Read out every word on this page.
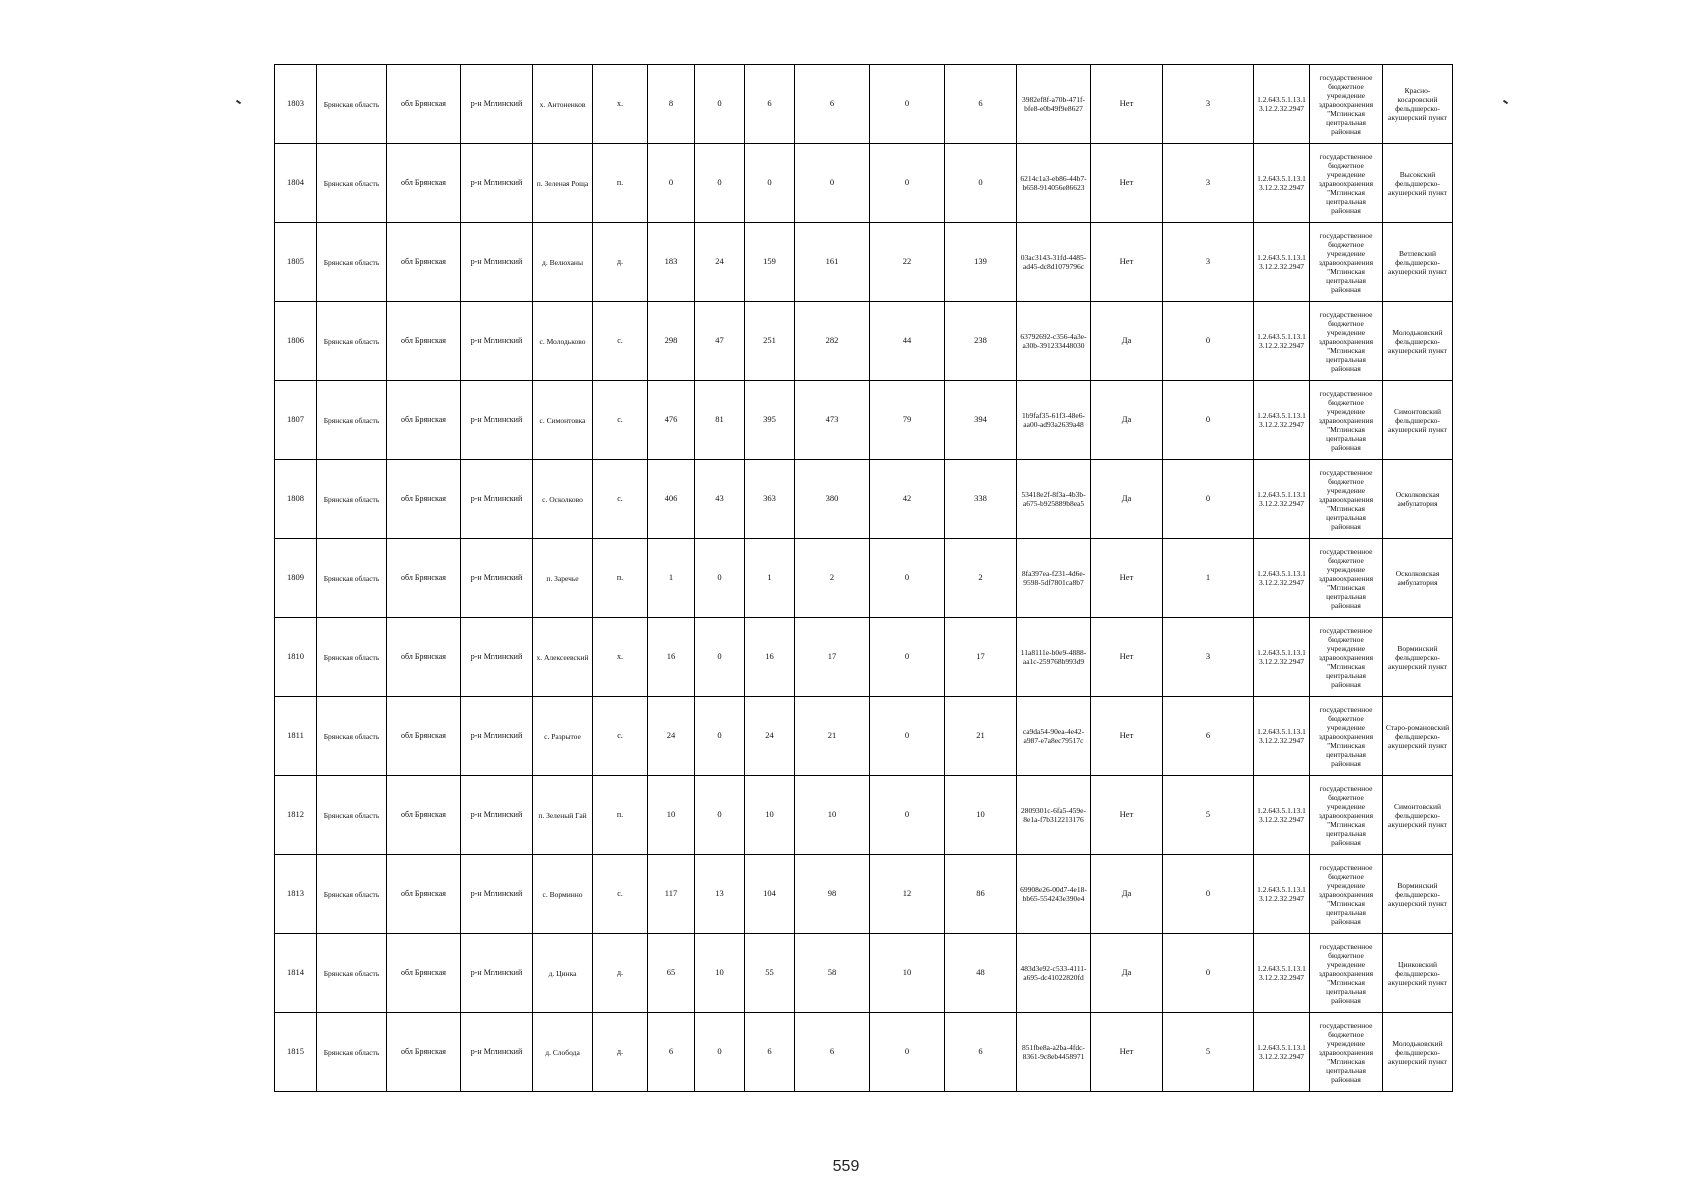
1803	Брянская область	обл Брянская	р-н Мглинский	х. Антоненков	х.	8	0	6	6	0	6	3982ef8f-a70b-471f-bfe8-e0b49f9e8627	Нет	3	1.2.643.5.1.13.13.12.2.32.2947	государственное бюджетное учреждение здравоохранения "Мглинская центральная районная	Красно-косаровский фельдшерско-акушерский пункт
1804	Брянская область	обл Брянская	р-н Мглинский	п. Зеленая Роща	п.	0	0	0	0	0	0	6214c1a3-eb86-44b7-b658-914056e86623	Нет	3	1.2.643.5.1.13.13.12.2.32.2947	государственное бюджетное учреждение здравоохранения "Мглинская центральная районная	Высокский фельдшерско-акушерский пункт
1805	Брянская область	обл Брянская	р-н Мглинский	д. Велюханы	д.	183	24	159	161	22	139	03ac3143-31fd-4485-ad45-dc8d1079796c	Нет	3	1.2.643.5.1.13.13.12.2.32.2947	государственное бюджетное учреждение здравоохранения "Мглинская центральная районная	Ветлевский фельдшерско-акушерский пункт
1806	Брянская область	обл Брянская	р-н Мглинский	с. Молодьково	с.	298	47	251	282	44	238	63792692-c356-4a3e-a30b-391233448030	Да	0	1.2.643.5.1.13.13.12.2.32.2947	государственное бюджетное учреждение здравоохранения "Мглинская центральная районная	Молодьковский фельдшерско-акушерский пункт
1807	Брянская область	обл Брянская	р-н Мглинский	с. Симонтовка	с.	476	81	395	473	79	394	1b9faf35-61f3-48e6-aa00-ad93a2639a48	Да	0	1.2.643.5.1.13.13.12.2.32.2947	государственное бюджетное учреждение здравоохранения "Мглинская центральная районная	Симонтовский фельдшерско-акушерский пункт
1808	Брянская область	обл Брянская	р-н Мглинский	с. Осколково	с.	406	43	363	380	42	338	53418e2f-8f3a-4b3b-a675-b925889b8ea5	Да	0	1.2.643.5.1.13.13.12.2.32.2947	государственное бюджетное учреждение здравоохранения "Мглинская центральная районная	Осколковская амбулатория
1809	Брянская область	обл Брянская	р-н Мглинский	п. Заречье	п.	1	0	1	2	0	2	8fa397ea-f231-4d6e-9598-5df7801ca8b7	Нет	1	1.2.643.5.1.13.13.12.2.32.2947	государственное бюджетное учреждение здравоохранения "Мглинская центральная районная	Осколковская амбулатория
1810	Брянская область	обл Брянская	р-н Мглинский	х. Алексеевский	х.	16	0	16	17	0	17	11a8111e-b0e9-4888-aa1c-259768b993d9	Нет	3	1.2.643.5.1.13.13.12.2.32.2947	государственное бюджетное учреждение здравоохранения "Мглинская центральная районная	Ворминский фельдшерско-акушерский пункт
1811	Брянская область	обл Брянская	р-н Мглинский	с. Разрытое	с.	24	0	24	21	0	21	ca9da54-90ea-4e42-a987-e7a8ec79517c	Нет	6	1.2.643.5.1.13.13.12.2.32.2947	государственное бюджетное учреждение здравоохранения "Мглинская центральная районная	Старо-романовский фельдшерско-акушерский пункт
1812	Брянская область	обл Брянская	р-н Мглинский	п. Зеленый Гай	п.	10	0	10	10	0	10	2809301c-6fa5-459e-8e1a-f7b312213176	Нет	5	1.2.643.5.1.13.13.12.2.32.2947	государственное бюджетное учреждение здравоохранения "Мглинская центральная районная	Симонтовский фельдшерско-акушерский пункт
1813	Брянская область	обл Брянская	р-н Мглинский	с. Ворминно	с.	117	13	104	98	12	86	69908e26-00d7-4e18-bb65-554243e390e4	Да	0	1.2.643.5.1.13.13.12.2.32.2947	государственное бюджетное учреждение здравоохранения "Мглинская центральная районная	Ворминский фельдшерско-акушерский пункт
1814	Брянская область	обл Брянская	р-н Мглинский	д. Цинка	д.	65	10	55	58	10	48	483d3e92-c533-4111-a695-dc41022820fd	Да	0	1.2.643.5.1.13.13.12.2.32.2947	государственное бюджетное учреждение здравоохранения "Мглинская центральная районная	Цинковский фельдшерско-акушерский пункт
1815	Брянская область	обл Брянская	р-н Мглинский	д. Слобода	д.	6	0	6	6	0	6	851fbe8a-a2ba-4fdc-8361-9c8eb4458971	Нет	5	1.2.643.5.1.13.13.12.2.32.2947	государственное бюджетное учреждение здравоохранения "Мглинская центральная районная	Молодьковский фельдшерско-акушерский пункт
559
